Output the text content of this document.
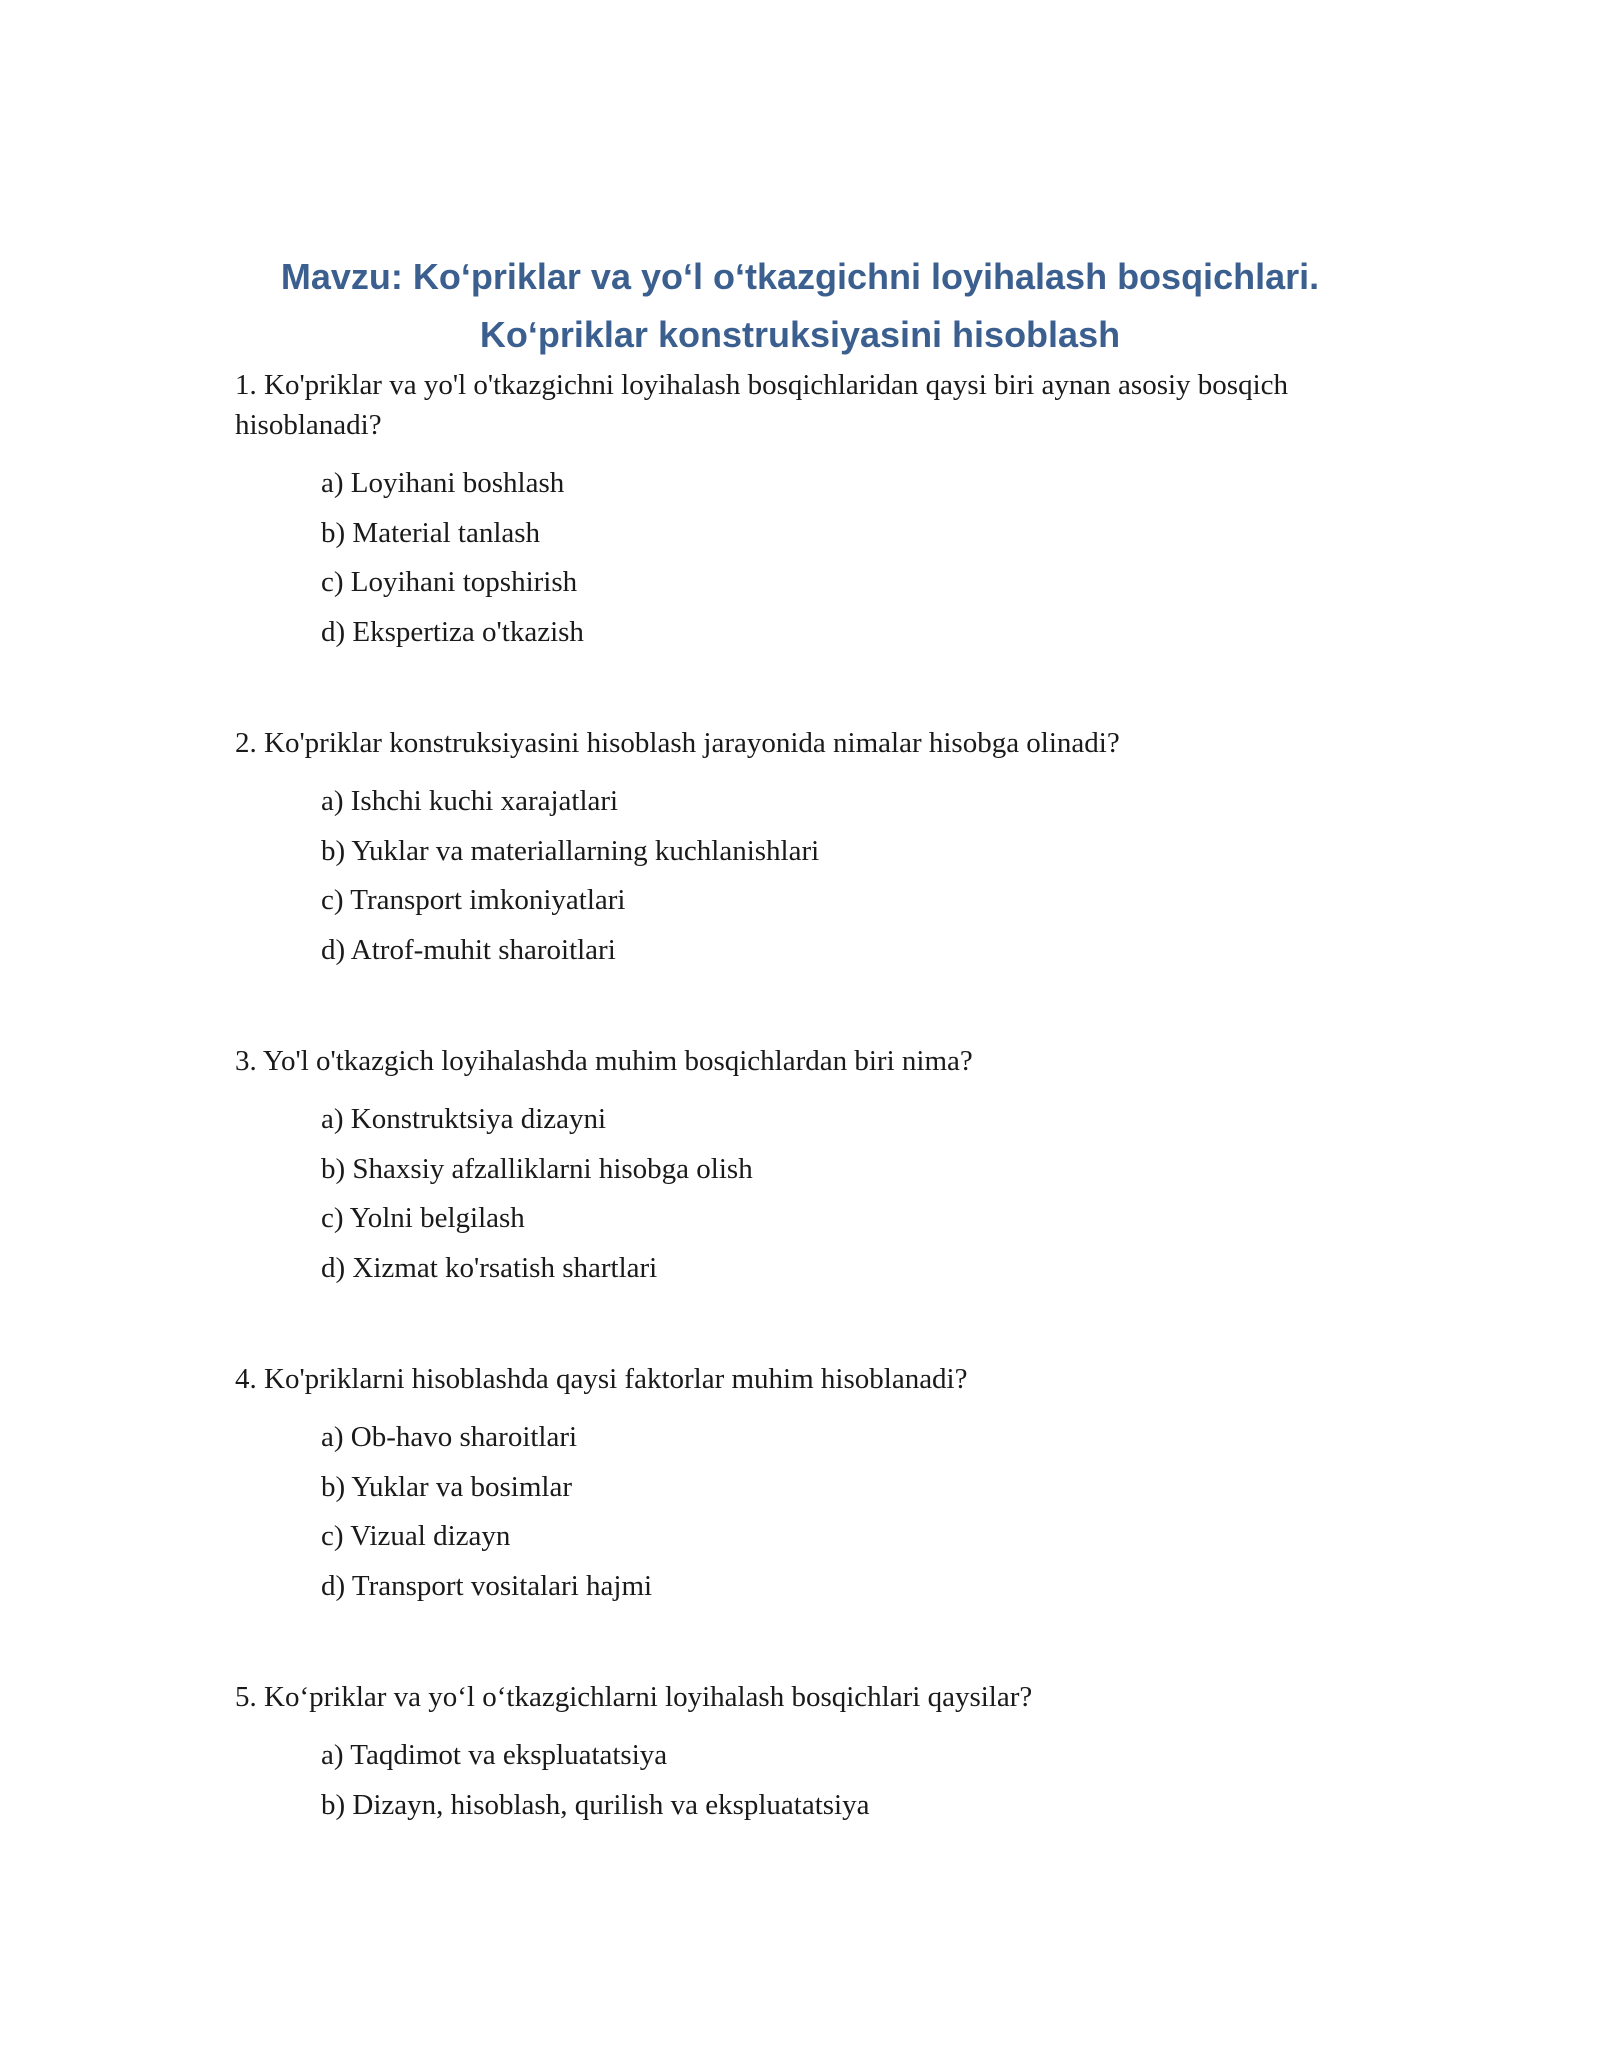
Mavzu: Koʻpriklar va yoʻl oʻtkazgichni loyihalash bosqichlari.
Koʻpriklar konstruksiyasini hisoblash

1. Ko'priklar va yo'l o'tkazgichni loyihalash bosqichlaridan qaysi biri aynan asosiy bosqich hisoblanadi?

a) Loyihani boshlash
b) Material tanlash
c) Loyihani topshirish
d) Ekspertiza o'tkazish

2. Ko'priklar konstruksiyasini hisoblash jarayonida nimalar hisobga olinadi?

a) Ishchi kuchi xarajatlari
b) Yuklar va materiallarning kuchlanishlari
c) Transport imkoniyatlari
d) Atrof-muhit sharoitlari

3. Yo'l o'tkazgich loyihalashda muhim bosqichlardan biri nima?

a) Konstruktsiya dizayni
b) Shaxsiy afzalliklarni hisobga olish
c) Yolni belgilash
d) Xizmat ko'rsatish shartlari

4. Ko'priklarni hisoblashda qaysi faktorlar muhim hisoblanadi?

a) Ob-havo sharoitlari
b) Yuklar va bosimlar
c) Vizual dizayn
d) Transport vositalari hajmi

5. Koʻpriklar va yoʻl oʻtkazgichlarni loyihalash bosqichlari qaysilar?

a) Taqdimot va ekspluatatsiya
b) Dizayn, hisoblash, qurilish va ekspluatatsiya
